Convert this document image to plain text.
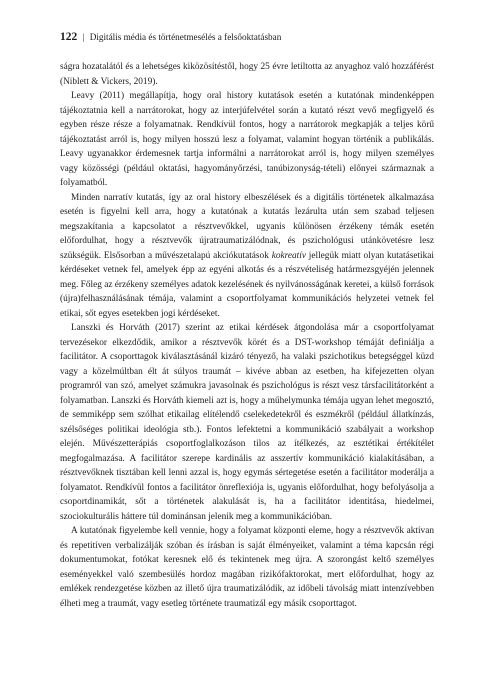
122 | Digitális média és történetmesélés a felsőoktatásban

ságra hozatalától és a lehetséges kiközösítéstől, hogy 25 évre letiltotta az anyaghoz való hozzáférést (Niblett & Vickers, 2019).

Leavy (2011) megállapítja, hogy oral history kutatások esetén a kutatónak mindenképpen tájékoztatnia kell a narrátorokat, hogy az interjúfelvétel során a kutató részt vevő megfigyelő és egyben része része a folyamatnak. Rendkívül fontos, hogy a narrátorok megkapják a teljes körű tájékoztatást arról is, hogy milyen hosszú lesz a folyamat, valamint hogyan történik a publikálás. Leavy ugyanakkor érdemesnek tartja informálni a narrátorokat arról is, hogy milyen személyes vagy közösségi (például oktatási, hagyományőrzési, tanúbizonyság-tételi) előnyei származnak a folyamatból.

Minden narratív kutatás, így az oral history elbeszélések és a digitális történetek alkalmazása esetén is figyelni kell arra, hogy a kutatónak a kutatás lezárulta után sem szabad teljesen megszakítania a kapcsolatot a résztvevőkkel, ugyanis különösen érzékeny témák esetén előfordulhat, hogy a résztvevők újratraumatizálódnak, és pszichológusi utánkövetésre lesz szükségük. Elsősorban a művészetalapú akciókutatások kokreatív jellegük miatt olyan kutatásetikai kérdéseket vetnek fel, amelyek épp az egyéni alkotás és a részvételiség határmezsgyéjén jelennek meg. Főleg az érzékeny személyes adatok kezelésének és nyilvánosságának keretei, a külső források (újra)felhasználásának témája, valamint a csoportfolyamat kommunikációs helyzetei vetnek fel etikai, sőt egyes esetekben jogi kérdéseket.

Lanszki és Horváth (2017) szerint az etikai kérdések átgondolása már a csoportfolyamat tervezésekor elkezdődik, amikor a résztvevők körét és a DST-workshop témáját definiálja a facilitátor. A csoporttagok kiválasztásánál kizáró tényező, ha valaki pszichotikus betegséggel küzd vagy a közelmúltban élt át súlyos traumát – kivéve abban az esetben, ha kifejezetten olyan programról van szó, amelyet számukra javasolnak és pszichológus is részt vesz társfacilitátorként a folyamatban. Lanszki és Horváth kiemeli azt is, hogy a műhelymunka témája ugyan lehet megosztó, de semmiképp sem szólhat etikailag elítélendő cselekedetekről és eszmékről (például állatkínzás, szélsőséges politikai ideológia stb.). Fontos lefektetni a kommunikáció szabályait a workshop elején. Művészetterápiás csoportfoglalkozáson tilos az ítélkezés, az esztétikai értékítélet megfogalmazása. A facilitátor szerepe kardinális az asszertív kommunikáció kialakításában, a résztvevőknek tisztában kell lenni azzal is, hogy egymás sértegetése esetén a facilitátor moderálja a folyamatot. Rendkívül fontos a facilitátor önreflexiója is, ugyanis előfordulhat, hogy befolyásolja a csoportdinamikát, sőt a történetek alakulását is, ha a facilitátor identitása, hiedelmei, szociokulturális háttere túl dominánsan jelenik meg a kommunikációban.

A kutatónak figyelembe kell vennie, hogy a folyamat központi eleme, hogy a résztvevők aktívan és repetitíven verbalizálják szóban és írásban is saját élményeiket, valamint a téma kapcsán régi dokumentumokat, fotókat keresnek elő és tekintenek meg újra. A szorongást keltő személyes eseményekkel való szembesülés hordoz magában rizikófaktorokat, mert előfordulhat, hogy az emlékek rendezgetése közben az illető újra traumatizálódik, az időbeli távolság miatt intenzívebben élheti meg a traumát, vagy esetleg története traumatizál egy másik csoporttagot.
